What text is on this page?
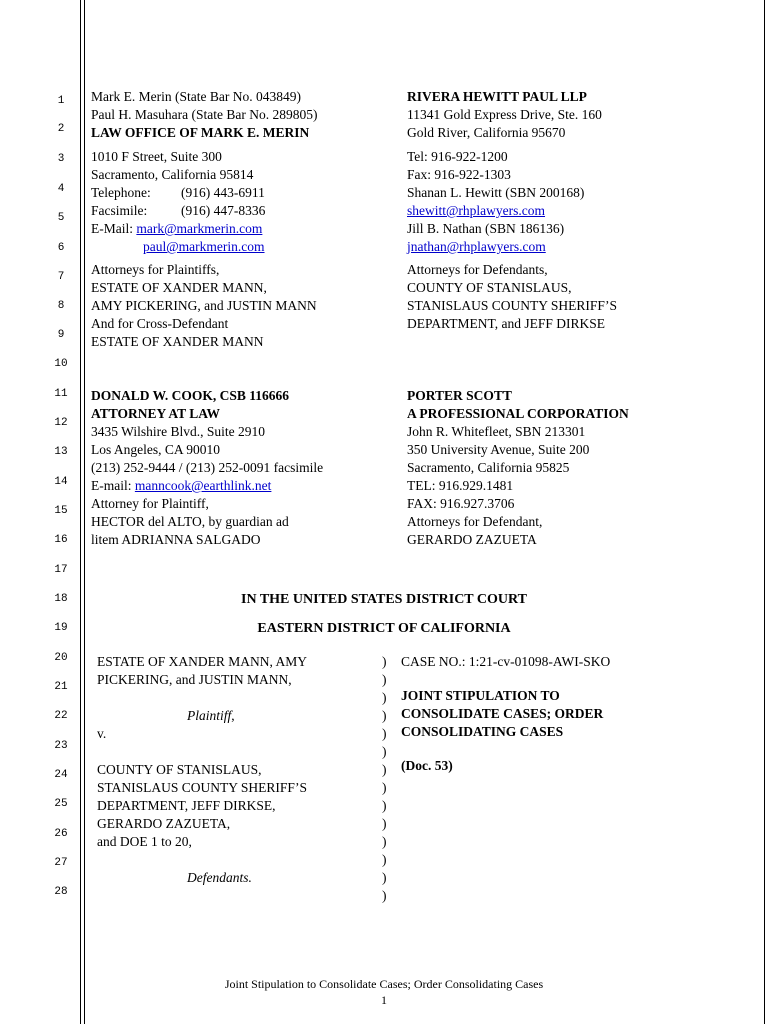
1
2
3
4
5
6
7
8
9
10
11
12
13
14
15
16
17
18
19
20
21
22
23
24
25
26
27
28
Mark E. Merin (State Bar No. 043849)
Paul H. Masuhara (State Bar No. 289805)
LAW OFFICE OF MARK E. MERIN
1010 F Street, Suite 300
Sacramento, California 95814
Telephone: (916) 443-6911
Facsimile:	(916) 447-8336
E-Mail: mark@markmerin.com
paul@markmerin.com
Attorneys for Plaintiffs,
ESTATE OF XANDER MANN,
AMY PICKERING, and JUSTIN MANN
And for Cross-Defendant
ESTATE OF XANDER MANN
RIVERA HEWITT PAUL LLP
11341 Gold Express Drive, Ste. 160
Gold River, California 95670
Tel: 916-922-1200
Fax: 916-922-1303
Shanan L. Hewitt (SBN 200168)
shewitt@rhplawyers.com
Jill B. Nathan (SBN 186136)
jnathan@rhplawyers.com
Attorneys for Defendants,
COUNTY OF STANISLAUS,
STANISLAUS COUNTY SHERIFF’S
DEPARTMENT, and JEFF DIRKSE
DONALD W. COOK, CSB 116666
ATTORNEY AT LAW
3435 Wilshire Blvd., Suite 2910
Los Angeles, CA 90010
(213) 252-9444 / (213) 252-0091 facsimile
E-mail: manncook@earthlink.net
Attorney for Plaintiff,
HECTOR del ALTO, by guardian ad
litem ADRIANNA SALGADO
PORTER SCOTT
A PROFESSIONAL CORPORATION
John R. Whitefleet, SBN 213301
350 University Avenue, Suite 200
Sacramento, California 95825
TEL: 916.929.1481
FAX: 916.927.3706
Attorneys for Defendant,
GERARDO ZAZUETA
IN THE UNITED STATES DISTRICT COURT
EASTERN DISTRICT OF CALIFORNIA
ESTATE OF XANDER MANN, AMY
PICKERING, and JUSTIN MANN,
Plaintiff,
v.
COUNTY OF STANISLAUS,
STANISLAUS COUNTY SHERIFF’S
DEPARTMENT, JEFF DIRKSE,
GERARDO ZAZUETA,
and DOE 1 to 20,
Defendants.
)
)
)
)
)
)
)
)
)
)
)
)
)
)
CASE NO.: 1:21-cv-01098-AWI-SKO
JOINT STIPULATION TO
CONSOLIDATE CASES; ORDER
CONSOLIDATING CASES
(Doc. 53)
Joint Stipulation to Consolidate Cases; Order Consolidating Cases
1
